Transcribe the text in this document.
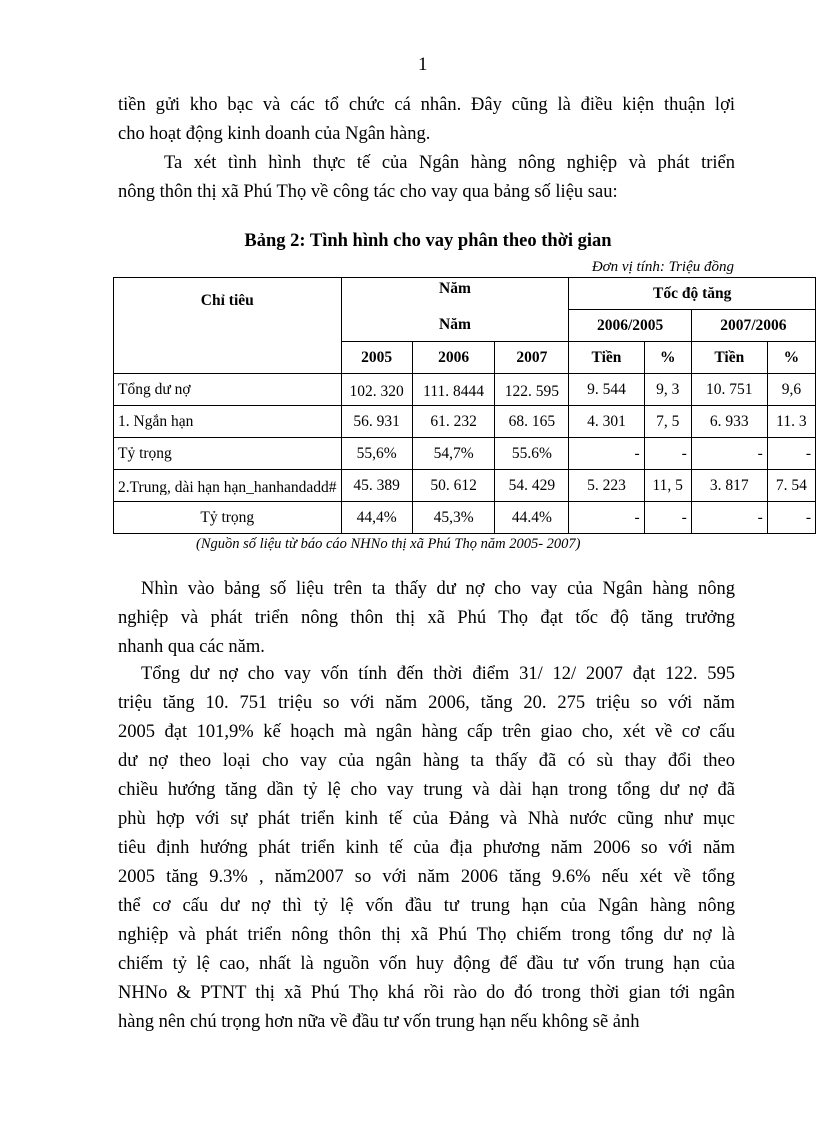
1

tiền gửi kho bạc và các tổ chức cá nhân. Đây cũng là điều kiện thuận lợi
cho hoạt động kinh doanh của Ngân hàng.

Ta xét tình hình thực tế của Ngân hàng nông nghiệp và phát triển
nông thôn thị xã Phú Thọ về công tác cho vay qua bảng số liệu sau:

Bảng 2: Tình hình cho vay phân theo thời gian
Đơn vị tính: Triệu đồng
Chỉ tiêu	Năm
Năm			Tốc độ tăng			
				2006/2005		2007/2006	
	2005	2006	2007	Tiền	%	Tiền	%
Tổng dư nợ	102. 320	111. 8444	122. 595	9. 544	9, 3	10. 751	9,6
1. Ngắn hạn	56. 931	61. 232	68. 165	4. 301	7, 5	6. 933	11. 3
Tỷ trọng	55,6%	54,7%	55.6%	-	-	-	-

2.Trung, dài hạn hạn_hanhandadd#	45. 389	50. 612	54. 429	5. 223	11, 5	3. 817	7. 54
Tỷ trọng	44,4%	45,3%	44.4%	-	-	-	-
(Nguồn số liệu từ báo cáo NHNo thị xã Phú Thọ năm 2005- 2007)

Nhìn vào bảng số liệu trên ta thấy dư nợ cho vay của Ngân hàng nông
nghiệp và phát triển nông thôn thị xã Phú Thọ đạt tốc độ tăng trưởng
nhanh qua các năm.

Tổng dư nợ cho vay vốn tính đến thời điểm 31/ 12/ 2007 đạt 122. 595
triệu tăng 10. 751 triệu so với năm 2006, tăng 20. 275 triệu so với năm
2005 đạt 101,9% kế hoạch mà ngân hàng cấp trên giao cho, xét về cơ cấu
dư nợ theo loại cho vay của ngân hàng ta thấy đã có sù thay đổi theo
chiều hướng tăng dần tỷ lệ cho vay trung và dài hạn trong tổng dư nợ đã
phù hợp với sự phát triển kinh tế của Đảng và Nhà nước cũng như mục
tiêu định hướng phát triển kinh tế của địa phương năm 2006 so với năm
2005 tăng 9.3% , năm2007 so với năm 2006 tăng 9.6% nếu xét về tổng
thể cơ cấu dư nợ thì tỷ lệ vốn đầu tư trung hạn của Ngân hàng nông
nghiệp và phát triển nông thôn thị xã Phú Thọ chiếm trong tổng dư nợ là
chiếm tỷ lệ cao, nhất là nguồn vốn huy động để đầu tư vốn trung hạn của
NHNo & PTNT thị xã Phú Thọ khá rồi rào do đó trong thời gian tới ngân
hàng nên chú trọng hơn nữa về đầu tư vốn trung hạn nếu không sẽ ảnh
